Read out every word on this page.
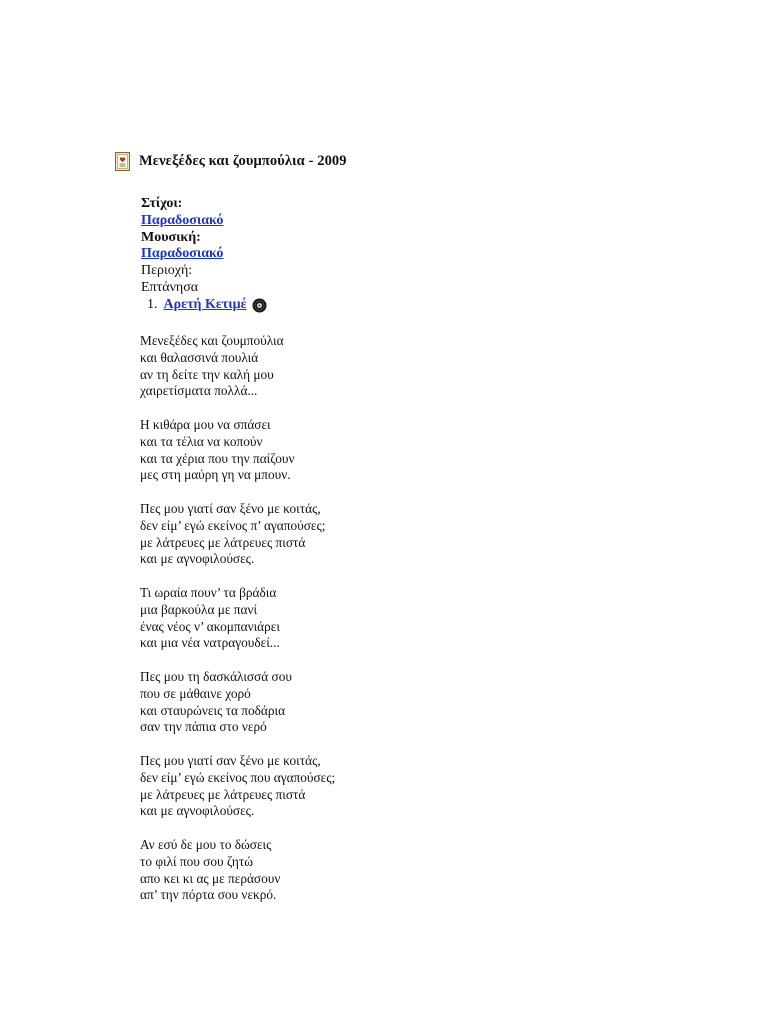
Μενεξέδες και ζουμπούλια - 2009
Στίχοι:
Παραδοσιακό
Μουσική:
Παραδοσιακό
Περιοχή:
Επτάνησα
1. Αρετή Κετιμέ
Μενεξέδες και ζουμπούλια
και θαλασσινά πουλιά
αν τη δείτε την καλή μου
χαιρετίσματα πολλά...
Η κιθάρα μου να σπάσει
και τα τέλια να κοπούν
και τα χέρια που την παίζουν
μες στη μαύρη γη να μπουν.
Πες μου γιατί σαν ξένο με κοιτάς,
δεν είμ’ εγώ εκείνος π’ αγαπούσες;
με λάτρευες με λάτρευες πιστά
και με αγνοφιλούσες.
Τι ωραία πουν’ τα βράδια
μια βαρκούλα με πανί
ένας νέος ν’ ακομπανιάρει
και μια νέα νατραγουδεί...
Πες μου τη δασκάλισσά σου
που σε μάθαινε χορό
και σταυρώνεις τα ποδάρια
σαν την πάπια στο νερό
Πες μου γιατί σαν ξένο με κοιτάς,
δεν είμ’ εγώ εκείνος που αγαπούσες;
με λάτρευες με λάτρευες πιστά
και με αγνοφιλούσες.
Αν εσύ δε μου το δώσεις
το φιλί που σου ζητώ
απο κει κι ας με περάσουν
απ’ την πόρτα σου νεκρό.
